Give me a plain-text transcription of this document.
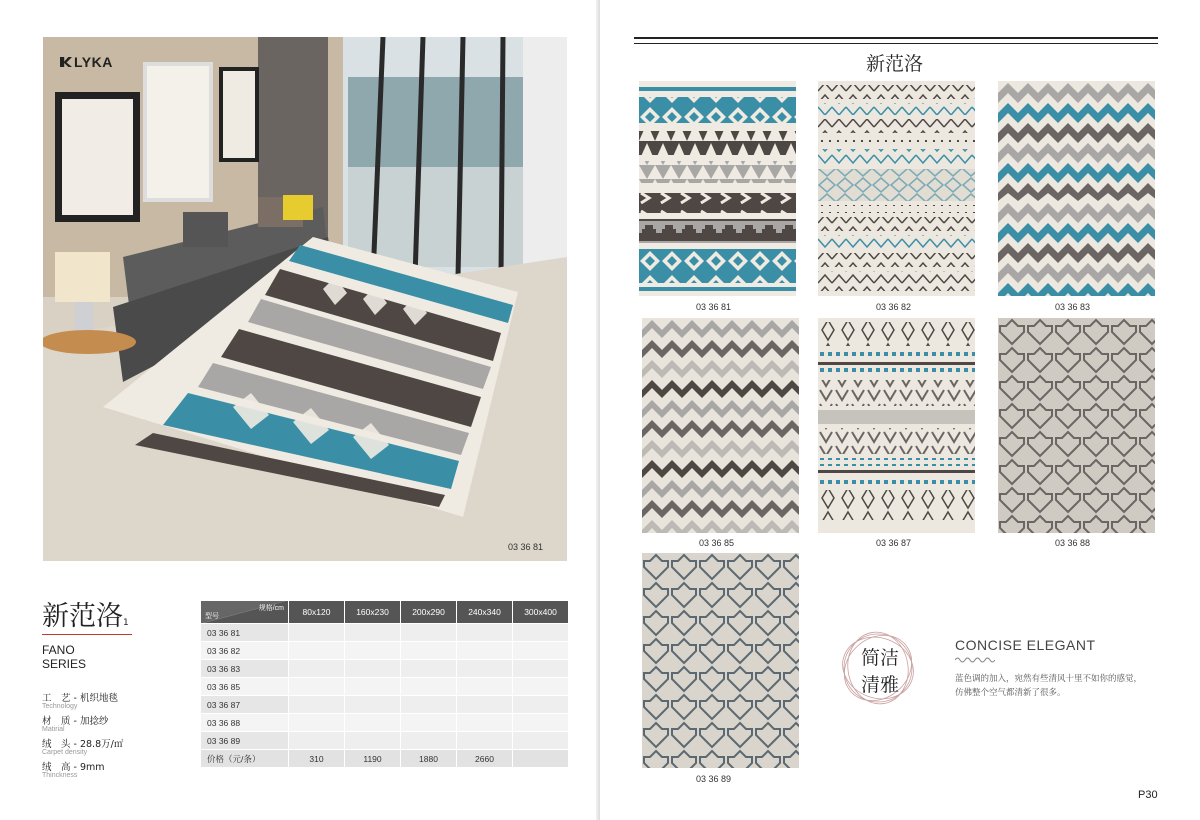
LYKA
03 36 81
新范洛1
FANO
SERIES
工　艺 - 机织地毯
Technology
材　质 - 加捻纱
Matirial
绒　头 - 28.8万/㎡
Carpet density
绒　高 - 9mm
Thinckness
规格/cm
型号	80x120	160x230	200x290	240x340	300x400
03 36 81					
03 36 82					
03 36 83					
03 36 85					
03 36 87					
03 36 88					
03 36 89					
价格（元/条）	310	1190	1880	2660	
新范洛
03 36 81	03 36 82	03 36 83
03 36 85	03 36 87	03 36 88
03 36 89
简洁
清雅
CONCISE ELEGANT
蓝色调的加入，宛然有些清风十里不如你的感觉，
仿佛整个空气都清新了很多。
P30
